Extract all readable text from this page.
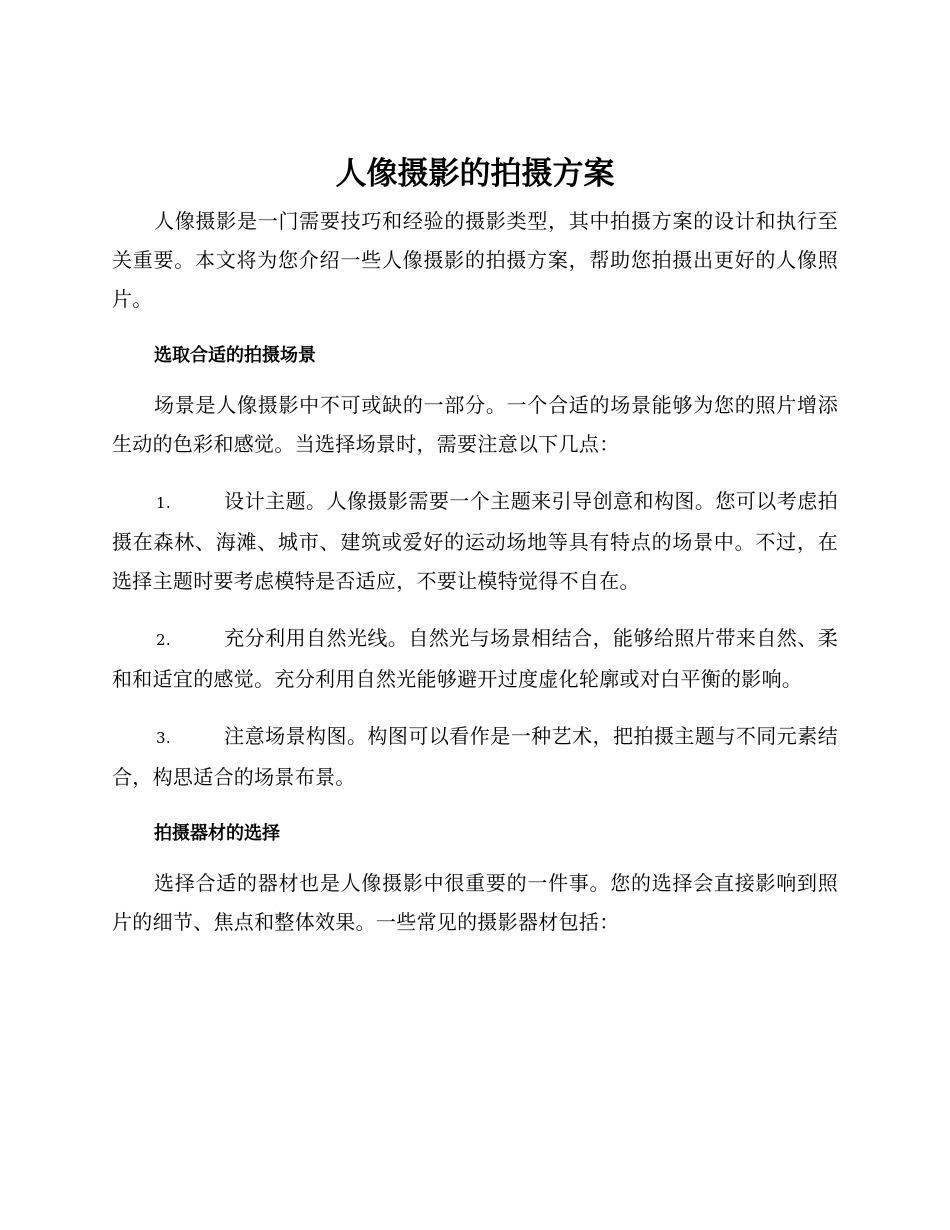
人像摄影的拍摄方案

人像摄影是一门需要技巧和经验的摄影类型，其中拍摄方案的设计和执行至关重要。本文将为您介绍一些人像摄影的拍摄方案，帮助您拍摄出更好的人像照片。

选取合适的拍摄场景

场景是人像摄影中不可或缺的一部分。一个合适的场景能够为您的照片增添生动的色彩和感觉。当选择场景时，需要注意以下几点：

1.	设计主题。人像摄影需要一个主题来引导创意和构图。您可以考虑拍摄在森林、海滩、城市、建筑或爱好的运动场地等具有特点的场景中。不过，在选择主题时要考虑模特是否适应，不要让模特觉得不自在。

2.	充分利用自然光线。自然光与场景相结合，能够给照片带来自然、柔和和适宜的感觉。充分利用自然光能够避开过度虚化轮廓或对白平衡的影响。

3.	注意场景构图。构图可以看作是一种艺术，把拍摄主题与不同元素结合，构思适合的场景布景。

拍摄器材的选择

选择合适的器材也是人像摄影中很重要的一件事。您的选择会直接影响到照片的细节、焦点和整体效果。一些常见的摄影器材包括：
